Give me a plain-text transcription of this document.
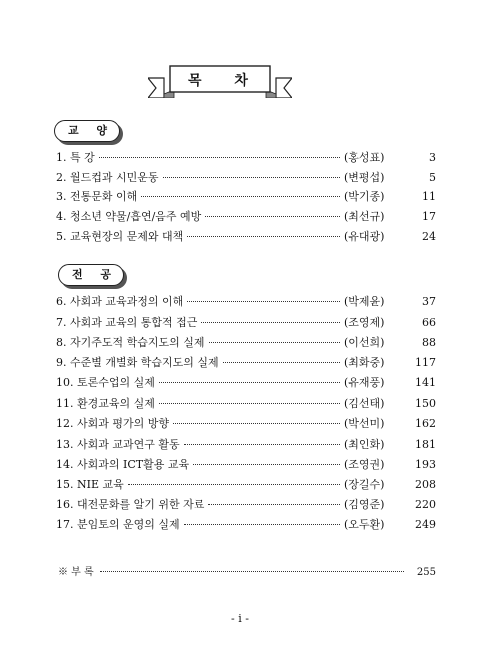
목 차
교 양
1. 특 강	(홍성표)	3
2. 월드컵과 시민운동	(변평섭)	5
3. 전통문화 이해	(박기종)	11
4. 청소년 약물/흡연/음주 예방	(최선규)	17
5. 교육현장의 문제와 대책	(유대광)	24
전 공
6. 사회과 교육과정의 이해	(박제윤)	37
7. 사회과 교육의 통합적 접근	(조영제)	66
8. 자기주도적 학습지도의 실제	(이선희)	88
9. 수준별 개별화 학습지도의 실제	(최화중)	117
10. 토론수업의 실제	(유재풍)	141
11. 환경교육의 실제	(김선태)	150
12. 사회과 평가의 방향	(박선미)	162
13. 사회과 교과연구 활동	(최인화)	181
14. 사회과의 ICT활용 교육	(조영권)	193
15. NIE 교육	(장길수)	208
16. 대전문화를 알기 위한 자료	(김영준)	220
17. 분임토의 운영의 실제	(오두환)	249
※ 부 록	255
- i -
